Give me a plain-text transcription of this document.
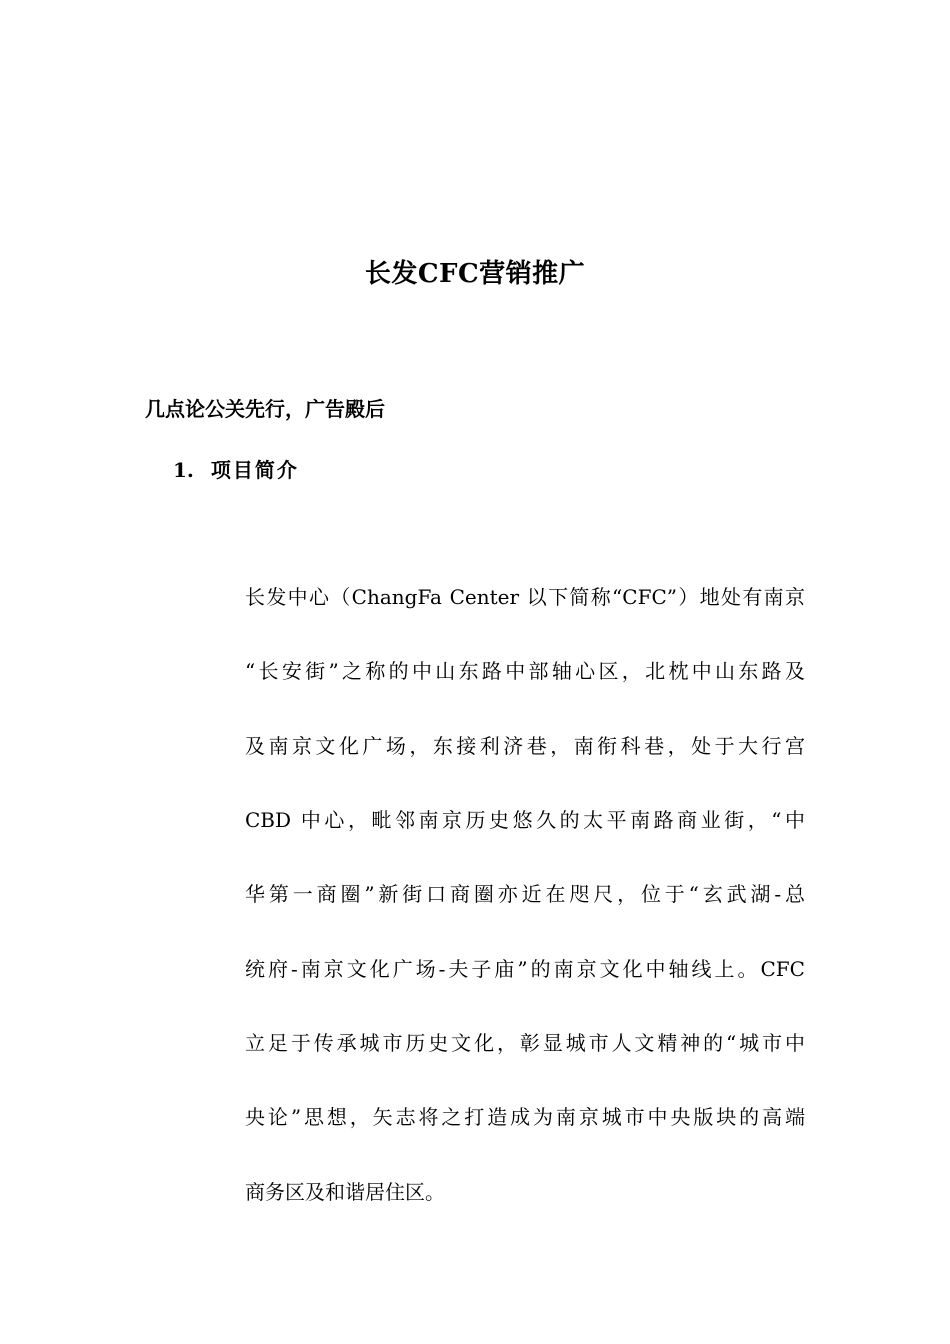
长发CFC营销推广
几点论公关先行，广告殿后
1. 项目简介
长发中心（ChangFa Center 以下简称“CFC”）地处有南京
“长安街”之称的中山东路中部轴心区，北枕中山东路及
及南京文化广场，东接利济巷，南衔科巷，处于大行宫
CBD 中心，毗邻南京历史悠久的太平南路商业街，“中
华第一商圈”新街口商圈亦近在咫尺，位于“玄武湖-总
统府-南京文化广场-夫子庙”的南京文化中轴线上。CFC
立足于传承城市历史文化，彰显城市人文精神的“城市中
央论”思想，矢志将之打造成为南京城市中央版块的高端
商务区及和谐居住区。
